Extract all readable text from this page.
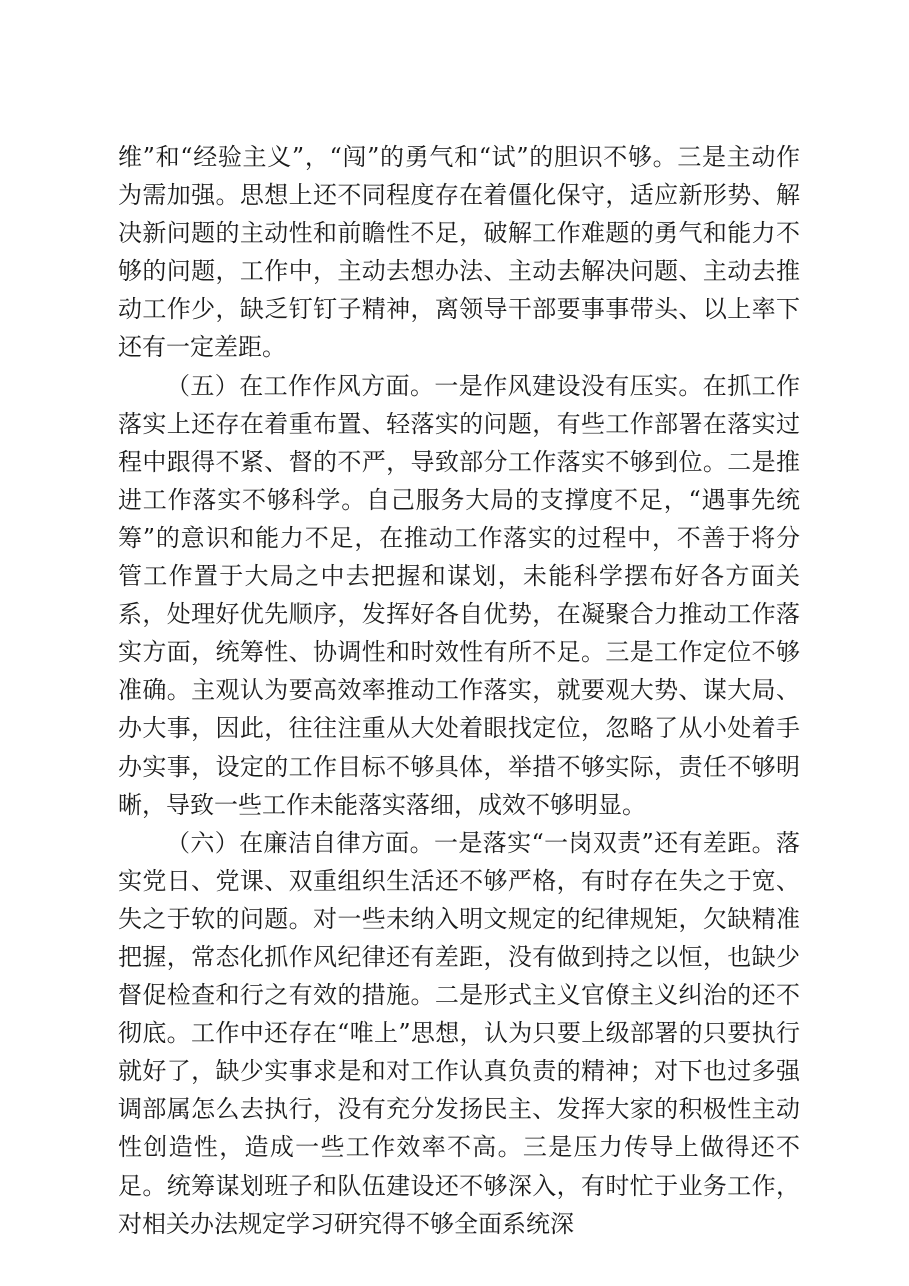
维”和“经验主义”，“闯”的勇气和“试”的胆识不够。三是主动作为需加强。思想上还不同程度存在着僵化保守，适应新形势、解决新问题的主动性和前瞻性不足，破解工作难题的勇气和能力不够的问题，工作中，主动去想办法、主动去解决问题、主动去推动工作少，缺乏钉钉子精神，离领导干部要事事带头、以上率下还有一定差距。

（五）在工作作风方面。一是作风建设没有压实。在抓工作落实上还存在着重布置、轻落实的问题，有些工作部署在落实过程中跟得不紧、督的不严，导致部分工作落实不够到位。二是推进工作落实不够科学。自己服务大局的支撑度不足，“遇事先统筹”的意识和能力不足，在推动工作落实的过程中，不善于将分管工作置于大局之中去把握和谋划，未能科学摆布好各方面关系，处理好优先顺序，发挥好各自优势，在凝聚合力推动工作落实方面，统筹性、协调性和时效性有所不足。三是工作定位不够准确。主观认为要高效率推动工作落实，就要观大势、谋大局、办大事，因此，往往注重从大处着眼找定位，忽略了从小处着手办实事，设定的工作目标不够具体，举措不够实际，责任不够明晰，导致一些工作未能落实落细，成效不够明显。

（六）在廉洁自律方面。一是落实“一岗双责”还有差距。落实党日、党课、双重组织生活还不够严格，有时存在失之于宽、失之于软的问题。对一些未纳入明文规定的纪律规矩，欠缺精准把握，常态化抓作风纪律还有差距，没有做到持之以恒，也缺少督促检查和行之有效的措施。二是形式主义官僚主义纠治的还不彻底。工作中还存在“唯上”思想，认为只要上级部署的只要执行就好了，缺少实事求是和对工作认真负责的精神；对下也过多强调部属怎么去执行，没有充分发扬民主、发挥大家的积极性主动性创造性，造成一些工作效率不高。三是压力传导上做得还不足。统筹谋划班子和队伍建设还不够深入，有时忙于业务工作，对相关办法规定学习研究得不够全面系统深
